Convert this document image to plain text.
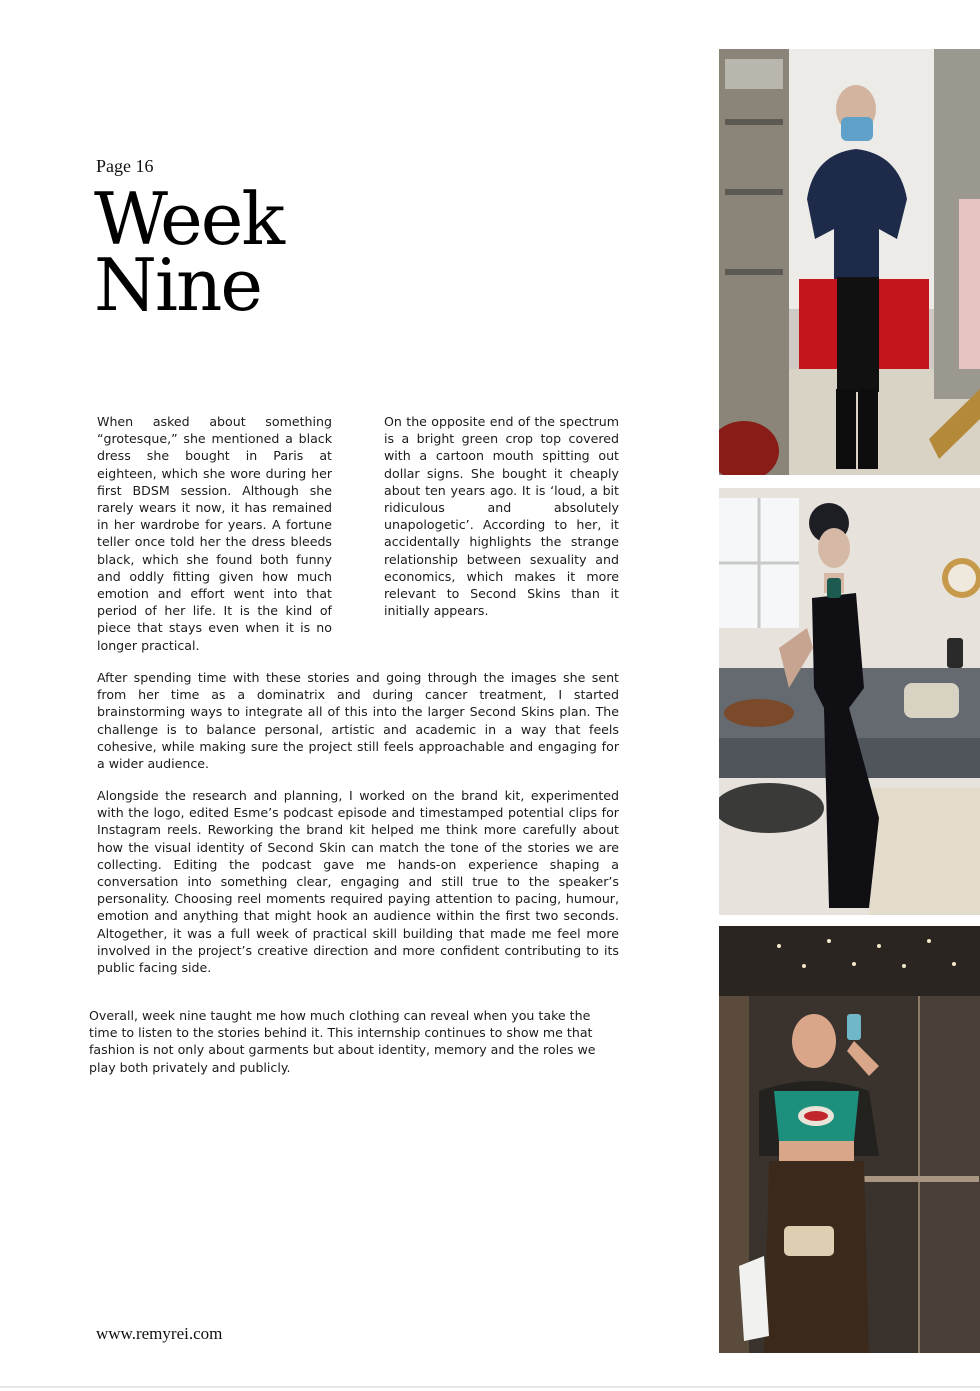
Page 16
Week
Nine

When asked about something “grotesque,” she mentioned a black dress she bought in Paris at eighteen, which she wore during her first BDSM session. Although she rarely wears it now, it has remained in her wardrobe for years. A fortune teller once told her the dress bleeds black, which she found both funny and oddly fitting given how much emotion and effort went into that period of her life. It is the kind of piece that stays even when it is no longer practical.

On the opposite end of the spectrum is a bright green crop top covered with a cartoon mouth spitting out dollar signs. She bought it cheaply about ten years ago. It is ‘loud, a bit ridiculous and absolutely unapologetic’. According to her, it accidentally highlights the strange relationship between sexuality and economics, which makes it more relevant to Second Skins than it initially appears.

After spending time with these stories and going through the images she sent from her time as a dominatrix and during cancer treatment, I started brainstorming ways to integrate all of this into the larger Second Skins plan. The challenge is to balance personal, artistic and academic in a way that feels cohesive, while making sure the project still feels approachable and engaging for a wider audience.

Alongside the research and planning, I worked on the brand kit, experimented with the logo, edited Esme’s podcast episode and timestamped potential clips for Instagram reels. Reworking the brand kit helped me think more carefully about how the visual identity of Second Skin can match the tone of the stories we are collecting. Editing the podcast gave me hands-on experience shaping a conversation into something clear, engaging and still true to the speaker’s personality. Choosing reel moments required paying attention to pacing, humour, emotion and anything that might hook an audience within the first two seconds. Altogether, it was a full week of practical skill building that made me feel more involved in the project’s creative direction and more confident contributing to its public facing side.

Overall, week nine taught me how much clothing can reveal when you take the time to listen to the stories behind it. This internship continues to show me that fashion is not only about garments but about identity, memory and the roles we play both privately and publicly.

www.remyrei.com
